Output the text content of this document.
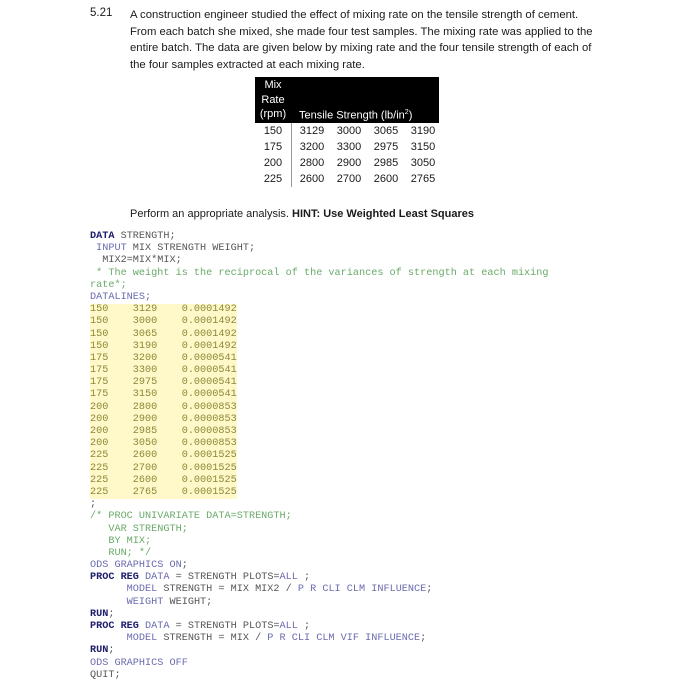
5.21 A construction engineer studied the effect of mixing rate on the tensile strength of cement.
From each batch she mixed, she made four test samples. The mixing rate was applied to the
entire batch. The data are given below by mixing rate and the four tensile strength of each of
the four samples extracted at each mixing rate.
Mix
Rate
(rpm)	Tensile Strength $(lb/in^2)$
150	3129	3000	3065	3190
175	3200	3300	2975	3150
200	2800	2900	2985	3050
225	2600	2700	2600	2765
Perform an appropriate analysis. HINT: Use Weighted Least Squares
DATA STRENGTH;
INPUT MIX STRENGTH WEIGHT;
MIX2=MIX*MIX;
* The weight is the reciprocal of the variances of strength at each mixing
rate*;
DATALINES;
150    3129    0.0001492
150    3000    0.0001492
150    3065    0.0001492
150    3190    0.0001492
175    3200    0.0000541
175    3300    0.0000541
175    2975    0.0000541
175    3150    0.0000541
200    2800    0.0000853
200    2900    0.0000853
200    2985    0.0000853
200    3050    0.0000853
225    2600    0.0001525
225    2700    0.0001525
225    2600    0.0001525
225    2765    0.0001525
;
/* PROC UNIVARIATE DATA=STRENGTH;
VAR STRENGTH;
BY MIX;
RUN; */
ODS GRAPHICS ON;
PROC REG DATA = STRENGTH PLOTS=ALL ;
MODEL STRENGTH = MIX MIX2 / P R CLI CLM INFLUENCE;
WEIGHT WEIGHT;
RUN;
PROC REG DATA = STRENGTH PLOTS=ALL ;
MODEL STRENGTH = MIX / P R CLI CLM VIF INFLUENCE;
RUN;
ODS GRAPHICS OFF
QUIT;
